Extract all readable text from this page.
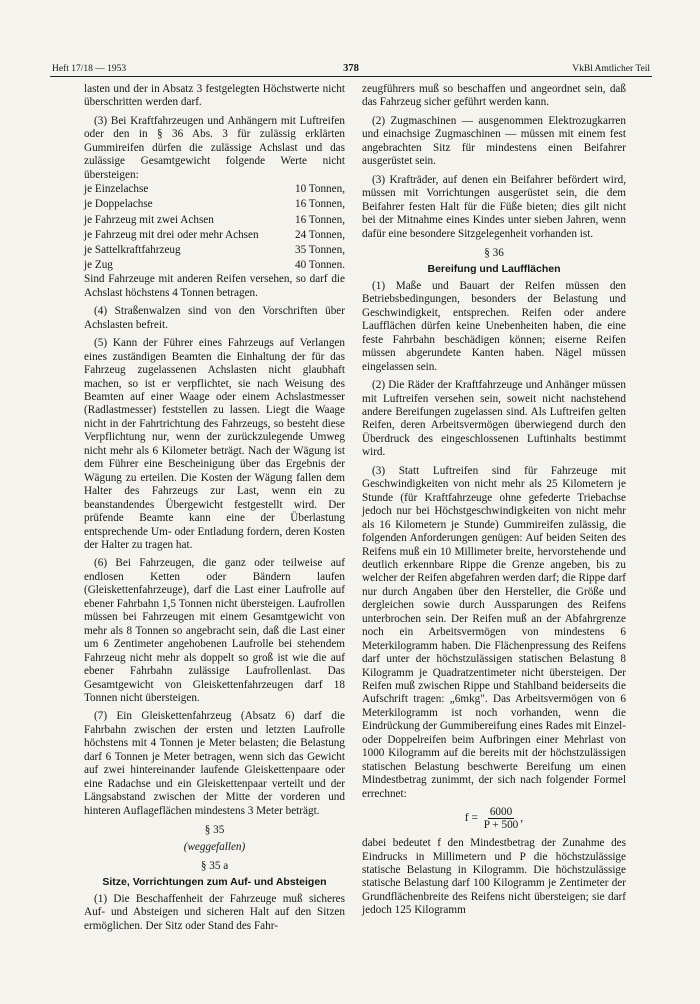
Heft 17/18 — 1953	378	VkBl Amtlicher Teil

lasten und der in Absatz 3 festgelegten Höchstwerte nicht überschritten werden darf.

(3) Bei Kraftfahrzeugen und Anhängern mit Luftreifen oder den in § 36 Abs. 3 für zulässig erklärten Gummireifen dürfen die zulässige Achslast und das zulässige Gesamtgewicht folgende Werte nicht übersteigen:

je Einzelachse	10 Tonnen,
je Doppelachse	16 Tonnen,
je Fahrzeug mit zwei Achsen	16 Tonnen,
je Fahrzeug mit drei oder mehr Achsen	24 Tonnen,
je Sattelkraftfahrzeug	35 Tonnen,
je Zug	40 Tonnen.

Sind Fahrzeuge mit anderen Reifen versehen, so darf die Achslast höchstens 4 Tonnen betragen.

(4) Straßenwalzen sind von den Vorschriften über Achslasten befreit.

(5) Kann der Führer eines Fahrzeugs auf Verlangen eines zuständigen Beamten die Einhaltung der für das Fahrzeug zugelassenen Achslasten nicht glaubhaft machen, so ist er verpflichtet, sie nach Weisung des Beamten auf einer Waage oder einem Achslastmesser (Radlastmesser) feststellen zu lassen. Liegt die Waage nicht in der Fahrtrichtung des Fahrzeugs, so besteht diese Verpflichtung nur, wenn der zurückzulegende Umweg nicht mehr als 6 Kilometer beträgt. Nach der Wägung ist dem Führer eine Bescheinigung über das Ergebnis der Wägung zu erteilen. Die Kosten der Wägung fallen dem Halter des Fahrzeugs zur Last, wenn ein zu beanstandendes Übergewicht festgestellt wird. Der prüfende Beamte kann eine der Überlastung entsprechende Um- oder Entladung fordern, deren Kosten der Halter zu tragen hat.

(6) Bei Fahrzeugen, die ganz oder teilweise auf endlosen Ketten oder Bändern laufen (Gleiskettenfahrzeuge), darf die Last einer Laufrolle auf ebener Fahrbahn 1,5 Tonnen nicht übersteigen. Laufrollen müssen bei Fahrzeugen mit einem Gesamtgewicht von mehr als 8 Tonnen so angebracht sein, daß die Last einer um 6 Zentimeter angehobenen Laufrolle bei stehendem Fahrzeug nicht mehr als doppelt so groß ist wie die auf ebener Fahrbahn zulässige Laufrollenlast. Das Gesamtgewicht von Gleiskettenfahrzeugen darf 18 Tonnen nicht übersteigen.

(7) Ein Gleiskettenfahrzeug (Absatz 6) darf die Fahrbahn zwischen der ersten und letzten Laufrolle höchstens mit 4 Tonnen je Meter belasten; die Belastung darf 6 Tonnen je Meter betragen, wenn sich das Gewicht auf zwei hintereinander laufende Gleiskettenpaare oder eine Radachse und ein Gleiskettenpaar verteilt und der Längsabstand zwischen der Mitte der vorderen und hinteren Auflageflächen mindestens 3 Meter beträgt.

§ 35
(weggefallen)
§ 35 a
Sitze, Vorrichtungen zum Auf- und Absteigen

(1) Die Beschaffenheit der Fahrzeuge muß sicheres Auf- und Absteigen und sicheren Halt auf den Sitzen ermöglichen. Der Sitz oder Stand des Fahr-

zeugführers muß so beschaffen und angeordnet sein, daß das Fahrzeug sicher geführt werden kann.

(2) Zugmaschinen — ausgenommen Elektrozugkarren und einachsige Zugmaschinen — müssen mit einem fest angebrachten Sitz für mindestens einen Beifahrer ausgerüstet sein.

(3) Krafträder, auf denen ein Beifahrer befördert wird, müssen mit Vorrichtungen ausgerüstet sein, die dem Beifahrer festen Halt für die Füße bieten; dies gilt nicht bei der Mitnahme eines Kindes unter sieben Jahren, wenn dafür eine besondere Sitzgelegenheit vorhanden ist.

§ 36
Bereifung und Laufflächen

(1) Maße und Bauart der Reifen müssen den Betriebsbedingungen, besonders der Belastung und Geschwindigkeit, entsprechen. Reifen oder andere Laufflächen dürfen keine Unebenheiten haben, die eine feste Fahrbahn beschädigen können; eiserne Reifen müssen abgerundete Kanten haben. Nägel müssen eingelassen sein.

(2) Die Räder der Kraftfahrzeuge und Anhänger müssen mit Luftreifen versehen sein, soweit nicht nachstehend andere Bereifungen zugelassen sind. Als Luftreifen gelten Reifen, deren Arbeitsvermögen überwiegend durch den Überdruck des eingeschlossenen Luftinhalts bestimmt wird.

(3) Statt Luftreifen sind für Fahrzeuge mit Geschwindigkeiten von nicht mehr als 25 Kilometern je Stunde (für Kraftfahrzeuge ohne gefederte Triebachse jedoch nur bei Höchstgeschwindigkeiten von nicht mehr als 16 Kilometern je Stunde) Gummireifen zulässig, die folgenden Anforderungen genügen: Auf beiden Seiten des Reifens muß ein 10 Millimeter breite, hervorstehende und deutlich erkennbare Rippe die Grenze angeben, bis zu welcher der Reifen abgefahren werden darf; die Rippe darf nur durch Angaben über den Hersteller, die Größe und dergleichen sowie durch Aussparungen des Reifens unterbrochen sein. Der Reifen muß an der Abfahrgrenze noch ein Arbeitsvermögen von mindestens 6 Meterkilogramm haben. Die Flächenpressung des Reifens darf unter der höchstzulässigen statischen Belastung 8 Kilogramm je Quadratzentimeter nicht übersteigen. Der Reifen muß zwischen Rippe und Stahlband beiderseits die Aufschrift tragen: „6mkg". Das Arbeitsvermögen von 6 Meterkilogramm ist noch vorhanden, wenn die Eindrückung der Gummibereifung eines Rades mit Einzel- oder Doppelreifen beim Aufbringen einer Mehrlast von 1000 Kilogramm auf die bereits mit der höchstzulässigen statischen Belastung beschwerte Bereifung um einen Mindestbetrag zunimmt, der sich nach folgender Formel errechnet:

$f = \frac{6000}{P + 500}$ ,

dabei bedeutet f den Mindestbetrag der Zunahme des Eindrucks in Millimetern und P die höchstzulässige statische Belastung in Kilogramm. Die höchstzulässige statische Belastung darf 100 Kilogramm je Zentimeter der Grundflächenbreite des Reifens nicht übersteigen; sie darf jedoch 125 Kilogramm
